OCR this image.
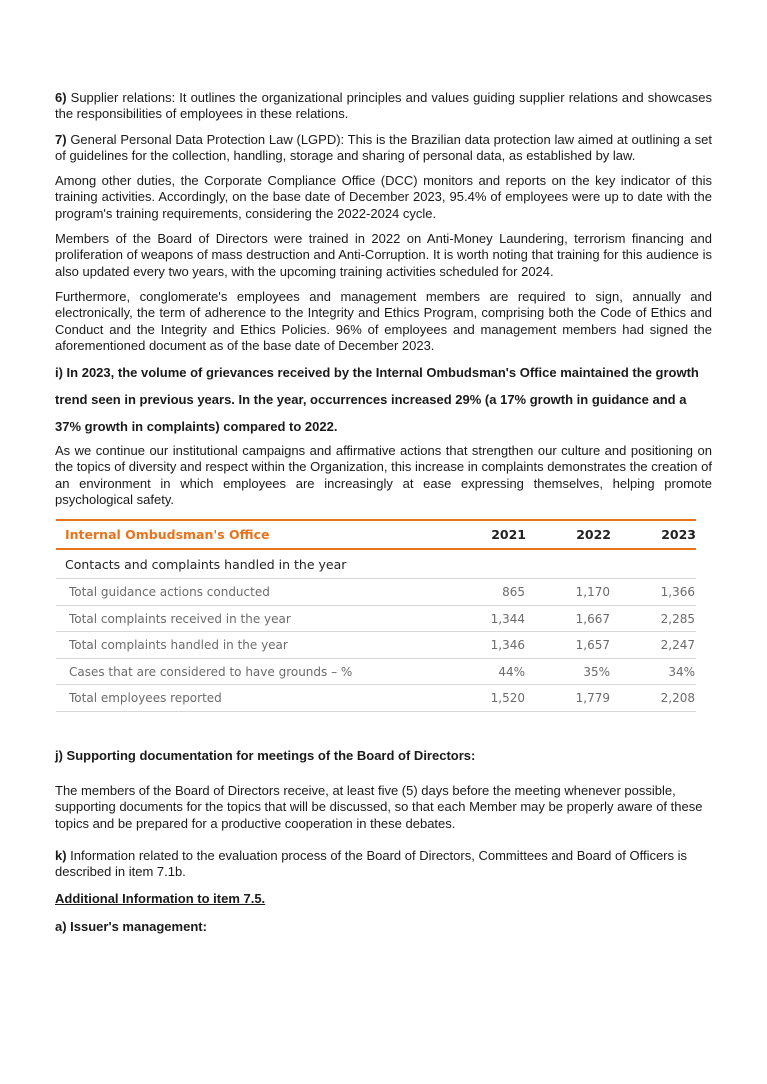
6) Supplier relations: It outlines the organizational principles and values guiding supplier relations and showcases the responsibilities of employees in these relations.

7) General Personal Data Protection Law (LGPD): This is the Brazilian data protection law aimed at outlining a set of guidelines for the collection, handling, storage and sharing of personal data, as established by law.

Among other duties, the Corporate Compliance Office (DCC) monitors and reports on the key indicator of this training activities. Accordingly, on the base date of December 2023, 95.4% of employees were up to date with the program's training requirements, considering the 2022-2024 cycle.

Members of the Board of Directors were trained in 2022 on Anti-Money Laundering, terrorism financing and proliferation of weapons of mass destruction and Anti-Corruption. It is worth noting that training for this audience is also updated every two years, with the upcoming training activities scheduled for 2024.

Furthermore, conglomerate's employees and management members are required to sign, annually and electronically, the term of adherence to the Integrity and Ethics Program, comprising both the Code of Ethics and Conduct and the Integrity and Ethics Policies. 96% of employees and management members had signed the aforementioned document as of the base date of December 2023.

i) In 2023, the volume of grievances received by the Internal Ombudsman's Office maintained the growth trend seen in previous years. In the year, occurrences increased 29% (a 17% growth in guidance and a 37% growth in complaints) compared to 2022.

As we continue our institutional campaigns and affirmative actions that strengthen our culture and positioning on the topics of diversity and respect within the Organization, this increase in complaints demonstrates the creation of an environment in which employees are increasingly at ease expressing themselves, helping promote psychological safety.

Internal Ombudsman's Office	2021	2022	2023
Contacts and complaints handled in the year			
Total guidance actions conducted	865	1,170	1,366
Total complaints received in the year	1,344	1,667	2,285
Total complaints handled in the year	1,346	1,657	2,247
Cases that are considered to have grounds – %	44%	35%	34%
Total employees reported	1,520	1,779	2,208

j) Supporting documentation for meetings of the Board of Directors:

The members of the Board of Directors receive, at least five (5) days before the meeting whenever possible, supporting documents for the topics that will be discussed, so that each Member may be properly aware of these topics and be prepared for a productive cooperation in these debates.

k) Information related to the evaluation process of the Board of Directors, Committees and Board of Officers is described in item 7.1b.

Additional Information to item 7.5.

a) Issuer's management:
